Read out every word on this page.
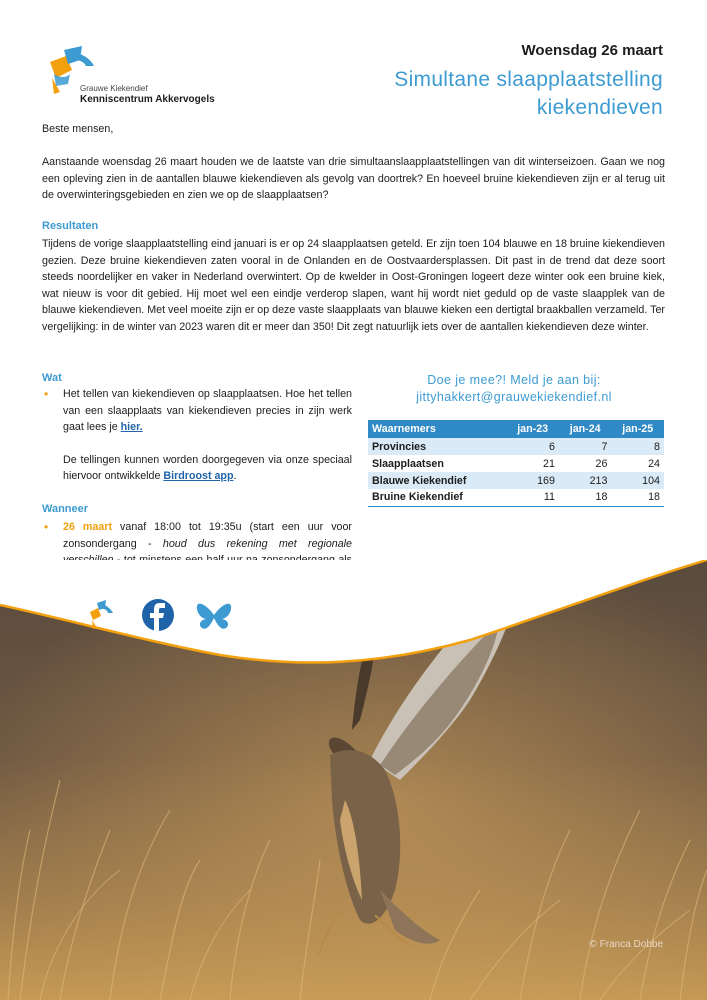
Grauwe Kiekendief
Kenniscentrum Akkervogels
Woensdag 26 maart
Simultane slaapplaatstelling kiekendieven
Beste mensen,
Aanstaande woensdag 26 maart houden we de laatste van drie simultaanslaapplaatstellingen van dit winterseizoen. Gaan we nog een opleving zien in de aantallen blauwe kiekendieven als gevolg van doortrek? En hoeveel bruine kiekendieven zijn er al terug uit de overwinteringsgebieden en zien we op de slaapplaatsen?
Resultaten
Tijdens de vorige slaapplaatstelling eind januari is er op 24 slaapplaatsen geteld. Er zijn toen 104 blauwe en 18 bruine kiekendieven gezien. Deze bruine kiekendieven zaten vooral in de Onlanden en de Oostvaardersplassen. Dit past in de trend dat deze soort steeds noordelijker en vaker in Nederland overwintert. Op de kwelder in Oost-Groningen logeert deze winter ook een bruine kiek, wat nieuw is voor dit gebied. Hij moet wel een eindje verderop slapen, want hij wordt niet geduld op de vaste slaapplek van de blauwe kiekendieven. Met veel moeite zijn er op deze vaste slaapplaats van blauwe kieken een dertigtal braakballen verzameld. Ter vergelijking: in de winter van 2023 waren dit er meer dan 350! Dit zegt natuurlijk iets over de aantallen kiekendieven deze winter.
Wat
• Het tellen van kiekendieven op slaapplaatsen. Hoe het tellen van een slaapplaats van kiekendieven precies in zijn werk gaat lees je hier.
De tellingen kunnen worden doorgegeven via onze speciaal hiervoor ontwikkelde Birdroost app.
Wanneer
• 26 maart vanaf 18:00 tot 19:35u (start een uur voor zonsondergang - houd dus rekening met regionale
Doe je mee?! Meld je aan bij:
jittyhakkert@grauwekiekendief.nl
Waarnemers	jan-23	jan-24	jan-25
Provincies	6	7	8
Slaapplaatsen	21	26	24
Blauwe Kiekendief	169	213	104
Bruine Kiekendief	11	18	18
© Franca Dobbe
